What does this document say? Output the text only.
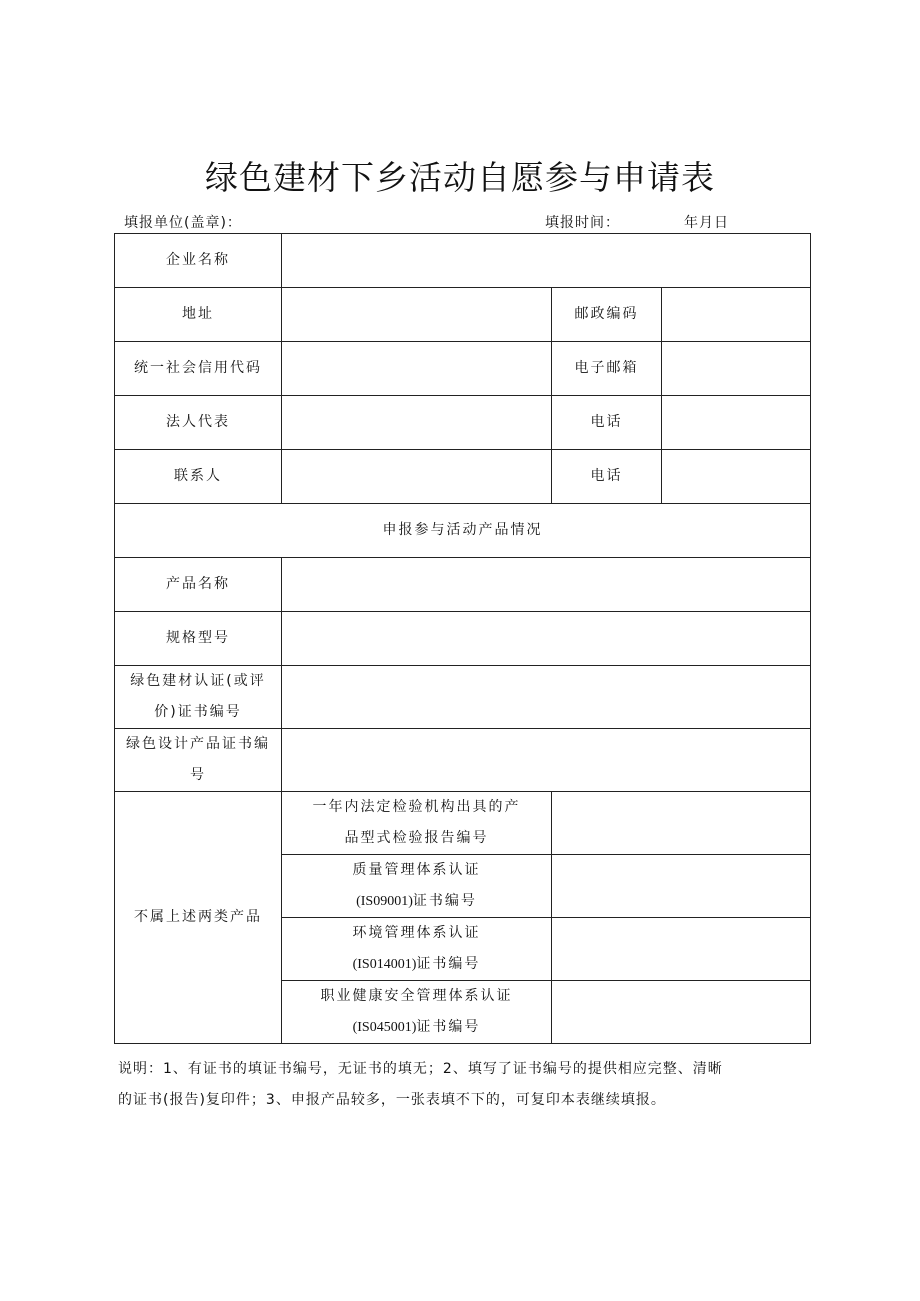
绿色建材下乡活动自愿参与申请表
填报单位(盖章)：	填报时间：	年月日
企业名称			
地址		邮政编码	
统一社会信用代码		电子邮箱	
法人代表		电话	
联系人		电话	
申报参与活动产品情况			
产品名称			
规格型号			

绿色建材认证(或评
价)证书编号			

绿色设计产品证书编
号			

不属上述两类产品	一年内法定检验机构出具的产
品型式检验报告编号		

	质量管理体系认证
(IS09001)证书编号		

	环境管理体系认证
(IS014001)证书编号		

	职业健康安全管理体系认证
(IS045001)证书编号		

说明：1、有证书的填证书编号，无证书的填无；2、填写了证书编号的提供相应完整、清晰

的证书(报告)复印件；3、申报产品较多，一张表填不下的，可复印本表继续填报。
